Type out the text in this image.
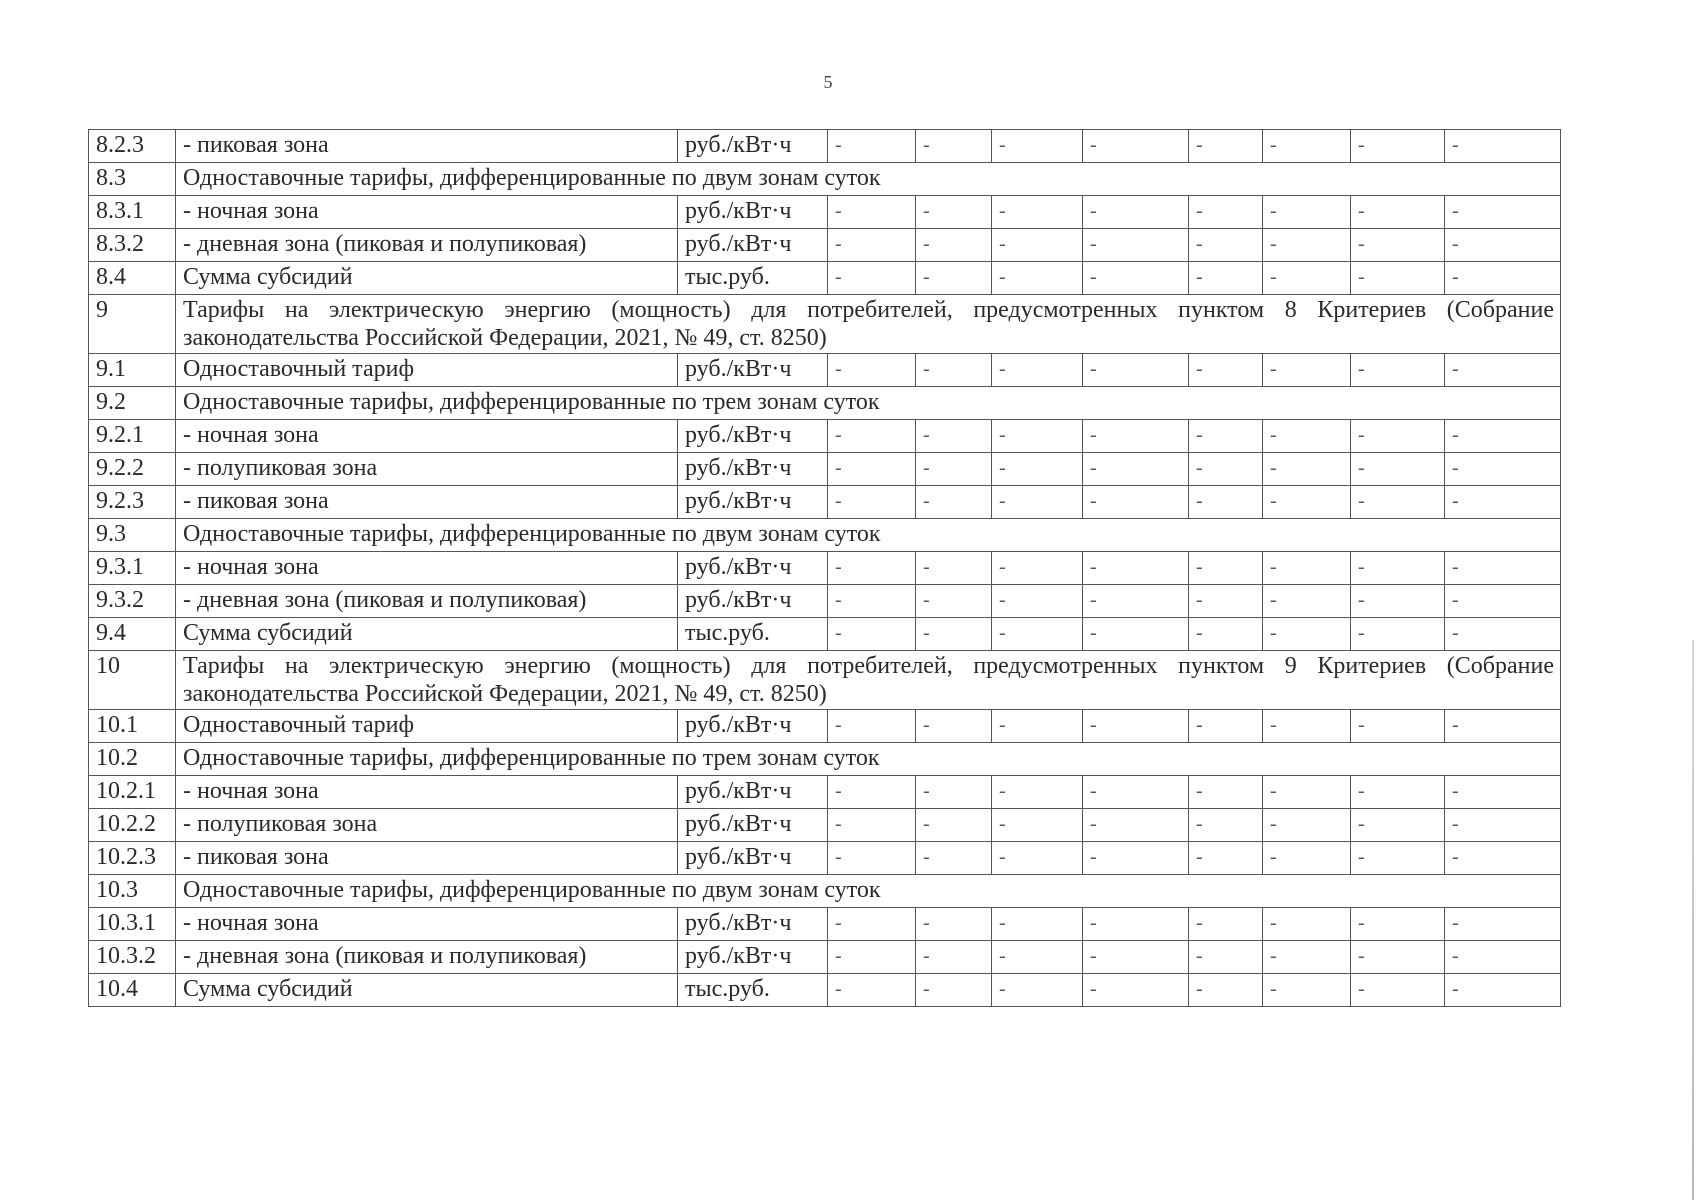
5
8.2.3	- пиковая зона	руб./кВт·ч	-	-	-	-	-	-	-	-
8.3	Одноставочные тарифы, дифференцированные по двум зонам суток									
8.3.1	- ночная зона	руб./кВт·ч	-	-	-	-	-	-	-	-
8.3.2	- дневная зона (пиковая и полупиковая)	руб./кВт·ч	-	-	-	-	-	-	-	-
8.4	Сумма субсидий	тыс.руб.	-	-	-	-	-	-	-	-
9	Тарифы на электрическую энергию (мощность) для потребителей, предусмотренных пунктом 8 Критериев (Собрание законодательства Российской Федерации, 2021, № 49, ст. 8250)									
9.1	Одноставочный тариф	руб./кВт·ч	-	-	-	-	-	-	-	-
9.2	Одноставочные тарифы, дифференцированные по трем зонам суток									
9.2.1	- ночная зона	руб./кВт·ч	-	-	-	-	-	-	-	-
9.2.2	- полупиковая зона	руб./кВт·ч	-	-	-	-	-	-	-	-
9.2.3	- пиковая зона	руб./кВт·ч	-	-	-	-	-	-	-	-
9.3	Одноставочные тарифы, дифференцированные по двум зонам суток									
9.3.1	- ночная зона	руб./кВт·ч	-	-	-	-	-	-	-	-
9.3.2	- дневная зона (пиковая и полупиковая)	руб./кВт·ч	-	-	-	-	-	-	-	-
9.4	Сумма субсидий	тыс.руб.	-	-	-	-	-	-	-	-
10	Тарифы на электрическую энергию (мощность) для потребителей, предусмотренных пунктом 9 Критериев (Собрание законодательства Российской Федерации, 2021, № 49, ст. 8250)									
10.1	Одноставочный тариф	руб./кВт·ч	-	-	-	-	-	-	-	-
10.2	Одноставочные тарифы, дифференцированные по трем зонам суток									
10.2.1	- ночная зона	руб./кВт·ч	-	-	-	-	-	-	-	-
10.2.2	- полупиковая зона	руб./кВт·ч	-	-	-	-	-	-	-	-
10.2.3	- пиковая зона	руб./кВт·ч	-	-	-	-	-	-	-	-
10.3	Одноставочные тарифы, дифференцированные по двум зонам суток									
10.3.1	- ночная зона	руб./кВт·ч	-	-	-	-	-	-	-	-
10.3.2	- дневная зона (пиковая и полупиковая)	руб./кВт·ч	-	-	-	-	-	-	-	-
10.4	Сумма субсидий	тыс.руб.	-	-	-	-	-	-	-	-
